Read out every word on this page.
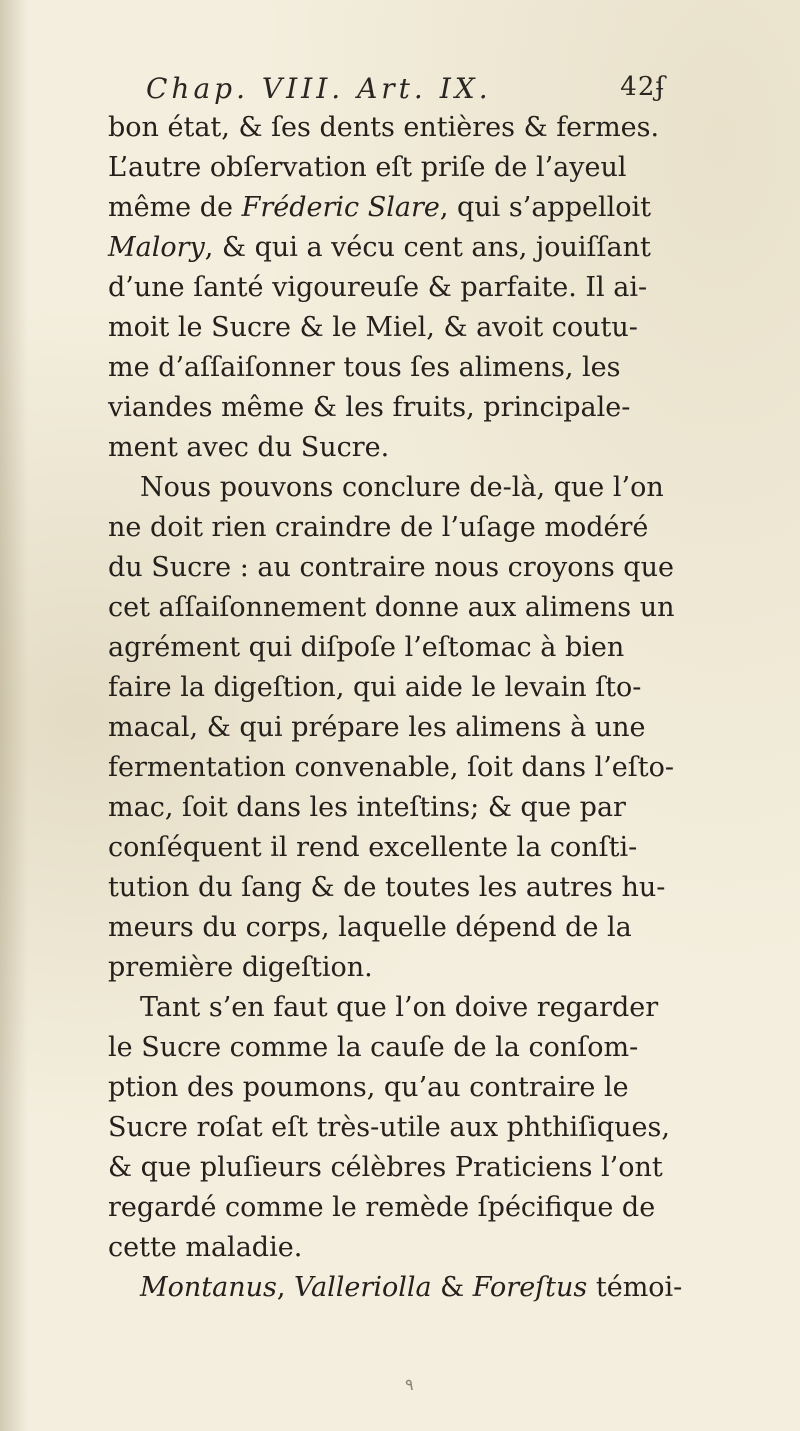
Chap. VIII. Art. IX.	42ʄ
bon état, & ſes dents entières & fermes.
L’autre obſervation eſt priſe de l’ayeul
même de Fréderic Slare, qui s’appelloit
Malory, & qui a vécu cent ans, jouiſſant
d’une ſanté vigoureuſe & parfaite. Il ai-
moit le Sucre & le Miel, & avoit coutu-
me d’aſſaiſonner tous ſes alimens, les
viandes même & les fruits, principale-
ment avec du Sucre.
Nous pouvons conclure de-là, que l’on
ne doit rien craindre de l’uſage modéré
du Sucre : au contraire nous croyons que
cet aſſaiſonnement donne aux alimens un
agrément qui diſpoſe l’eſtomac à bien
faire la digeſtion, qui aide le levain ſto-
macal, & qui prépare les alimens à une
fermentation convenable, ſoit dans l’eſto-
mac, ſoit dans les inteſtins; & que par
conſéquent il rend excellente la conſti-
tution du ſang & de toutes les autres hu-
meurs du corps, laquelle dépend de la
première digeſtion.
Tant s’en faut que l’on doive regarder
le Sucre comme la cauſe de la conſom-
ption des poumons, qu’au contraire le
Sucre roſat eſt très-utile aux phthiſiques,
& que pluſieurs célèbres Praticiens l’ont
regardé comme le remède ſpécifique de
cette maladie.
Montanus, Valleriolla & Foreſtus témoi-
٩
